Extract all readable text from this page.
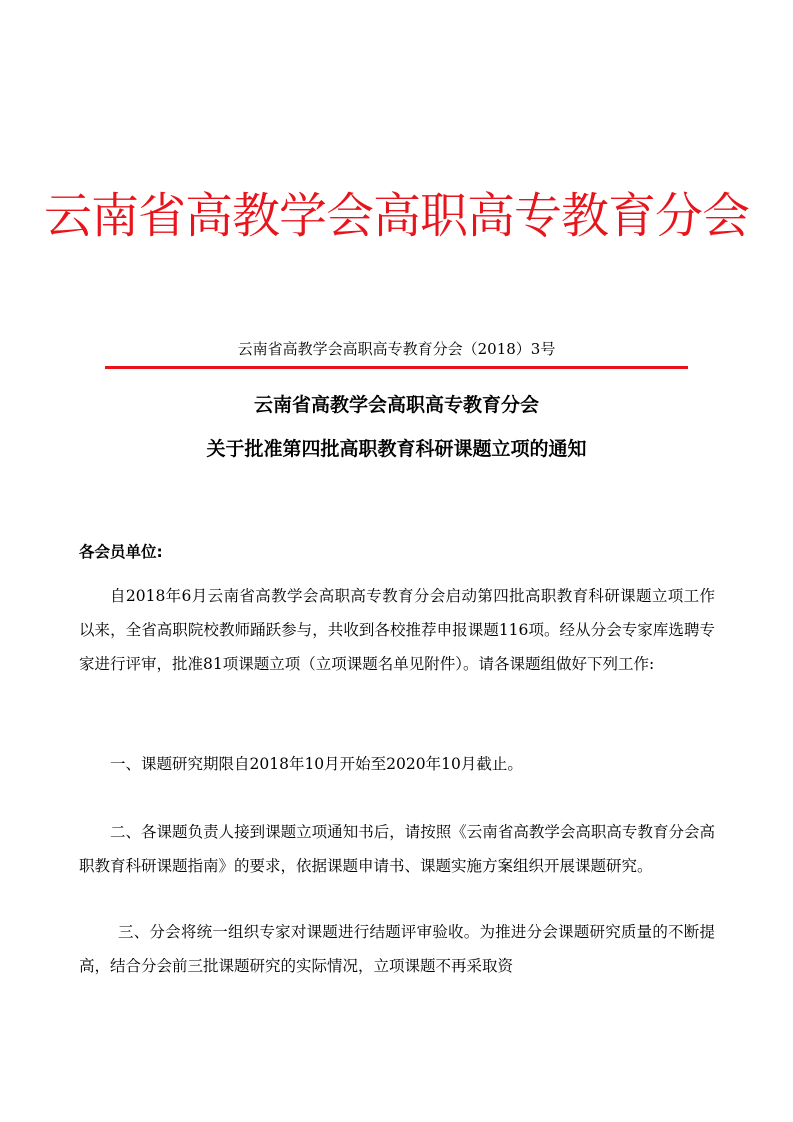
云南省高教学会高职高专教育分会
云南省高教学会高职高专教育分会（2018）3号
云南省高教学会高职高专教育分会
关于批准第四批高职教育科研课题立项的通知
各会员单位:

自2018年6月云南省高教学会高职高专教育分会启动第四批高职教育科研课题立项工作以来，全省高职院校教师踊跃参与，共收到各校推荐申报课题116项。经从分会专家库选聘专家进行评审，批准81项课题立项（立项课题名单见附件）。请各课题组做好下列工作:

一、课题研究期限自2018年10月开始至2020年10月截止。

二、各课题负责人接到课题立项通知书后，请按照《云南省高教学会高职高专教育分会高职教育科研课题指南》的要求，依据课题申请书、课题实施方案组织开展课题研究。

三、分会将统一组织专家对课题进行结题评审验收。为推进分会课题研究质量的不断提高，结合分会前三批课题研究的实际情况，立项课题不再采取资
